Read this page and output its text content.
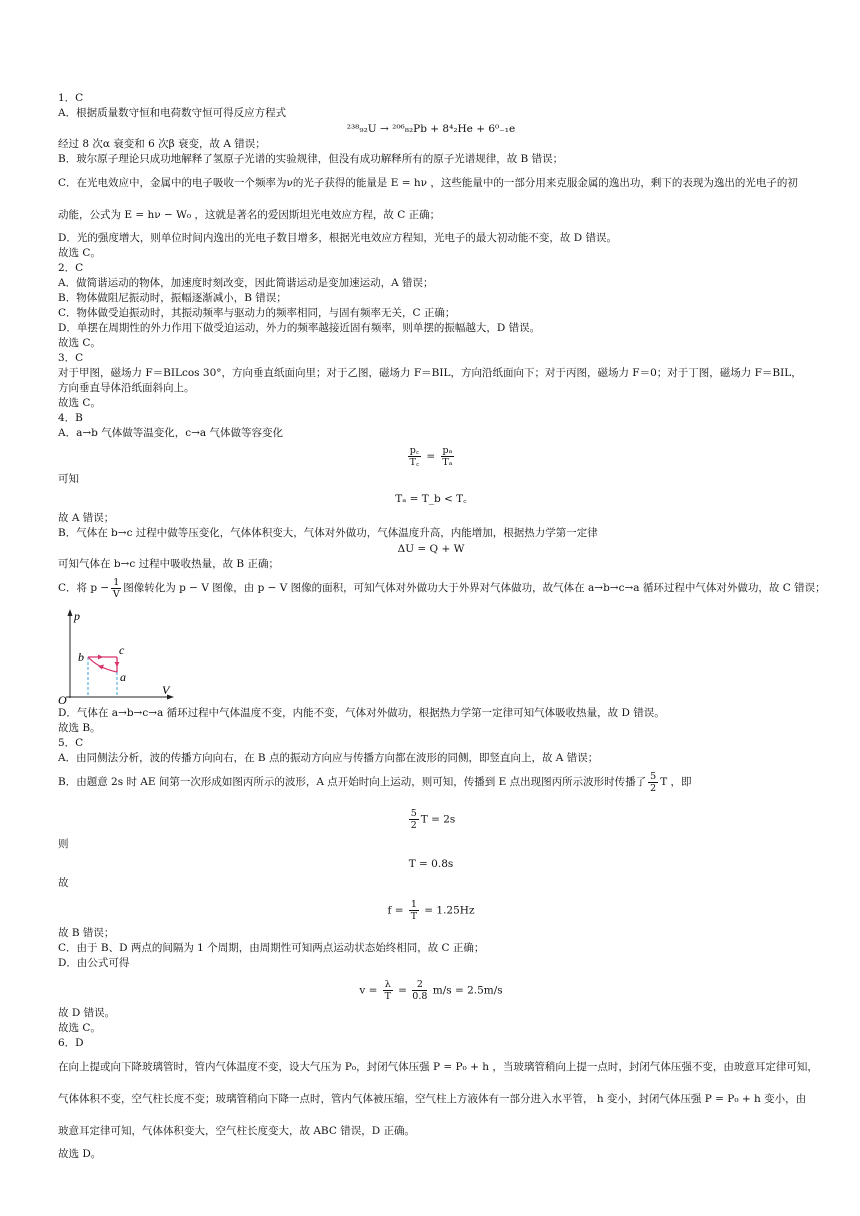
1．C
A．根据质量数守恒和电荷数守恒可得反应方程式
²³⁸₉₂U → ²⁰⁶₈₂Pb + 8⁴₂He + 6⁰₋₁e
经过 8 次α 衰变和 6 次β 衰变，故 A 错误；
B．玻尔原子理论只成功地解释了氢原子光谱的实验规律，但没有成功解释所有的原子光谱规律，故 B 错误；
C．在光电效应中，金属中的电子吸收一个频率为ν的光子获得的能量是 E = hν ，这些能量中的一部分用来克服金属的逸出功，剩下的表现为逸出的光电子的初
动能，公式为 E = hν − W₀ ，这就是著名的爱因斯坦光电效应方程，故 C 正确；
D．光的强度增大，则单位时间内逸出的光电子数目增多，根据光电效应方程知，光电子的最大初动能不变，故 D 错误。
故选 C。
2．C
A．做简谐运动的物体，加速度时刻改变，因此简谐运动是变加速运动，A 错误；
B．物体做阻尼振动时，振幅逐渐减小，B 错误；
C．物体做受迫振动时，其振动频率与驱动力的频率相同，与固有频率无关，C 正确；
D．单摆在周期性的外力作用下做受迫运动，外力的频率越接近固有频率，则单摆的振幅越大，D 错误。
故选 C。
3．C
对于甲图，磁场力 F＝BILcos 30°，方向垂直纸面向里；对于乙图，磁场力 F＝BIL，方向沿纸面向下；对于丙图，磁场力 F＝0；对于丁图，磁场力 F＝BIL，方向垂直导体沿纸面斜向上。
故选 C。
4．B
A．a→b 气体做等温变化，c→a 气体做等容变化
$\frac{p꜀}{T꜀} = \frac{\text{pₐ}}{\text{Tₐ}}$
可知
Tₐ = T_b < T꜀
故 A 错误；
B．气体在 b→c 过程中做等压变化，气体体积变大，气体对外做功，气体温度升高，内能增加，根据热力学第一定律
ΔU = Q + W
可知气体在 b→c 过程中吸收热量，故 B 正确；
C．将 $p - \frac{1}{V}$ 图像转化为 p − V 图像，由 p − V 图像的面积，可知气体对外做功大于外界对气体做功，故气体在 a→b→c→a 循环过程中气体对外做功，故 C 错误；
p
V
O
b	c
a
D．气体在 a→b→c→a 循环过程中气体温度不变，内能不变，气体对外做功，根据热力学第一定律可知气体吸收热量，故 D 错误。
故选 B。
5．C
A．由同侧法分析，波的传播方向向右，在 B 点的振动方向应与传播方向都在波形的同侧，即竖直向上，故 A 错误；
B．由题意 2s 时 AE 间第一次形成如图丙所示的波形，A 点开始时向上运动，则可知，传播到 E 点出现图丙所示波形时传播了 $\frac{5}{2}$ T ，即
$\frac{5}{2}$ T = 2s
则
T = 0.8s
故
$f = \frac{1}{T} = 1.25Hz$
故 B 错误；
C．由于 B、D 两点的间隔为 1 个周期，由周期性可知两点运动状态始终相同，故 C 正确；
D．由公式可得
$v = \frac{\lambda}{T} = \frac{2}{0.8} m/s = 2.5m/s$
故 D 错误。
故选 C。
6．D
在向上提或向下降玻璃管时，管内气体温度不变，设大气压为 P₀，封闭气体压强 P = P₀ + h ，当玻璃管稍向上提一点时，封闭气体压强不变，由玻意耳定律可知，
气体体积不变，空气柱长度不变；玻璃管稍向下降一点时，管内气体被压缩，空气柱上方液体有一部分进入水平管， h 变小，封闭气体压强 P = P₀ + h 变小，由
玻意耳定律可知，气体体积变大，空气柱长度变大，故 ABC 错误，D 正确。
故选 D。
